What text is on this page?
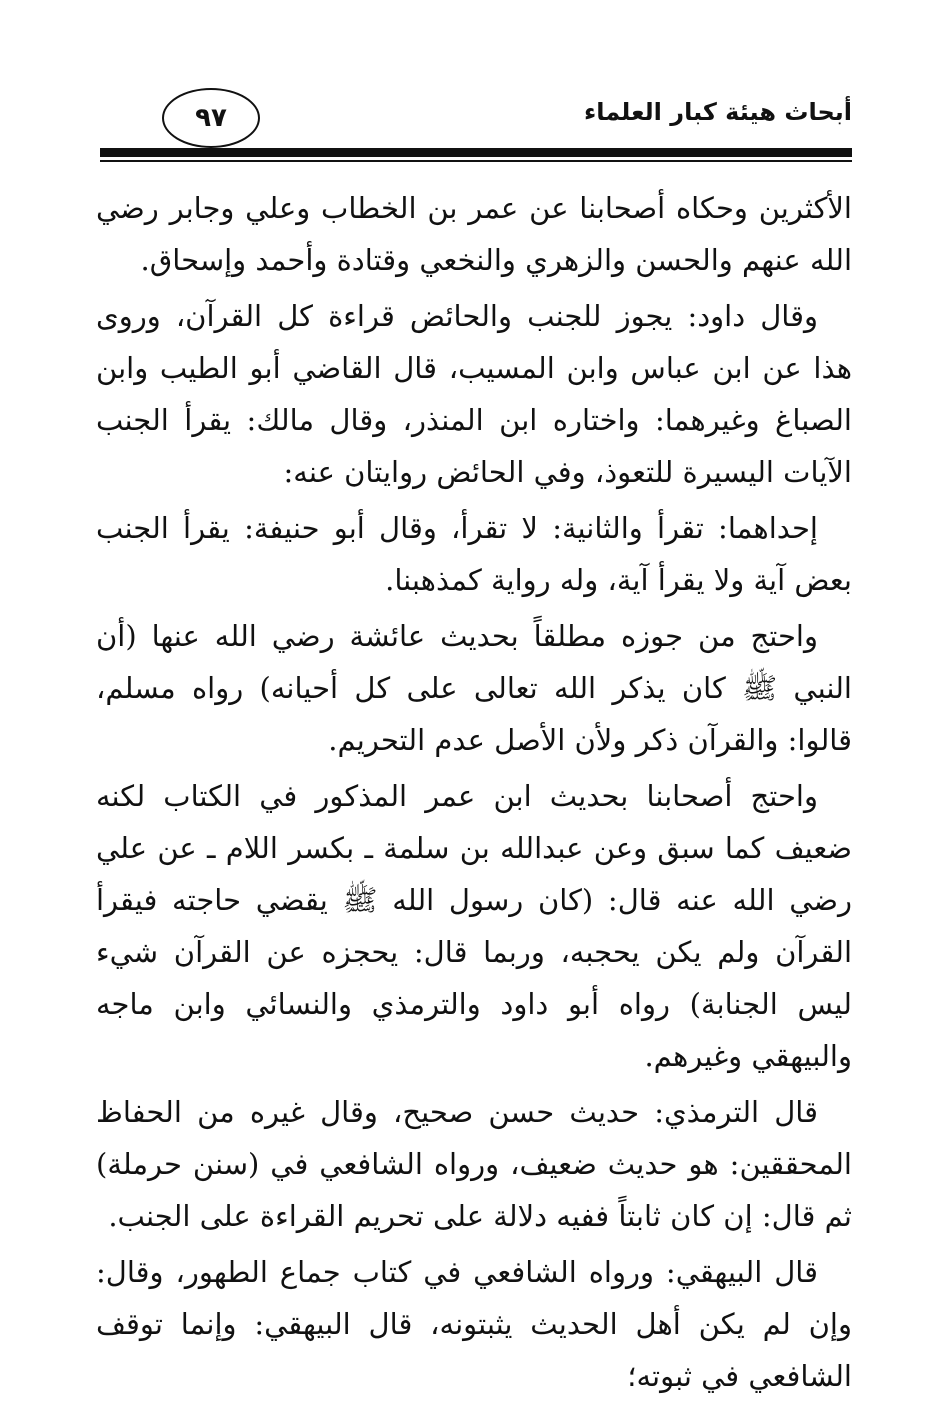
٩٧	أبحاث هيئة كبار العلماء

الأكثرين وحكاه أصحابنا عن عمر بن الخطاب وعلي وجابر رضي الله عنهم والحسن والزهري والنخعي وقتادة وأحمد وإسحاق.

وقال داود: يجوز للجنب والحائض قراءة كل القرآن، وروى هذا عن ابن عباس وابن المسيب، قال القاضي أبو الطيب وابن الصباغ وغيرهما: واختاره ابن المنذر، وقال مالك: يقرأ الجنب الآيات اليسيرة للتعوذ، وفي الحائض روايتان عنه:

إحداهما: تقرأ والثانية: لا تقرأ، وقال أبو حنيفة: يقرأ الجنب بعض آية ولا يقرأ آية، وله رواية كمذهبنا.

واحتج من جوزه مطلقاً بحديث عائشة رضي الله عنها (أن النبي ﷺ كان يذكر الله تعالى على كل أحيانه) رواه مسلم، قالوا: والقرآن ذكر ولأن الأصل عدم التحريم.

واحتج أصحابنا بحديث ابن عمر المذكور في الكتاب لكنه ضعيف كما سبق وعن عبدالله بن سلمة ـ بكسر اللام ـ عن علي رضي الله عنه قال: (كان رسول الله ﷺ يقضي حاجته فيقرأ القرآن ولم يكن يحجبه، وربما قال: يحجزه عن القرآن شيء ليس الجنابة) رواه أبو داود والترمذي والنسائي وابن ماجه والبيهقي وغيرهم.

قال الترمذي: حديث حسن صحيح، وقال غيره من الحفاظ المحققين: هو حديث ضعيف، ورواه الشافعي في (سنن حرملة) ثم قال: إن كان ثابتاً ففيه دلالة على تحريم القراءة على الجنب.

قال البيهقي: ورواه الشافعي في كتاب جماع الطهور، وقال: وإن لم يكن أهل الحديث يثبتونه، قال البيهقي: وإنما توقف الشافعي في ثبوته؛
